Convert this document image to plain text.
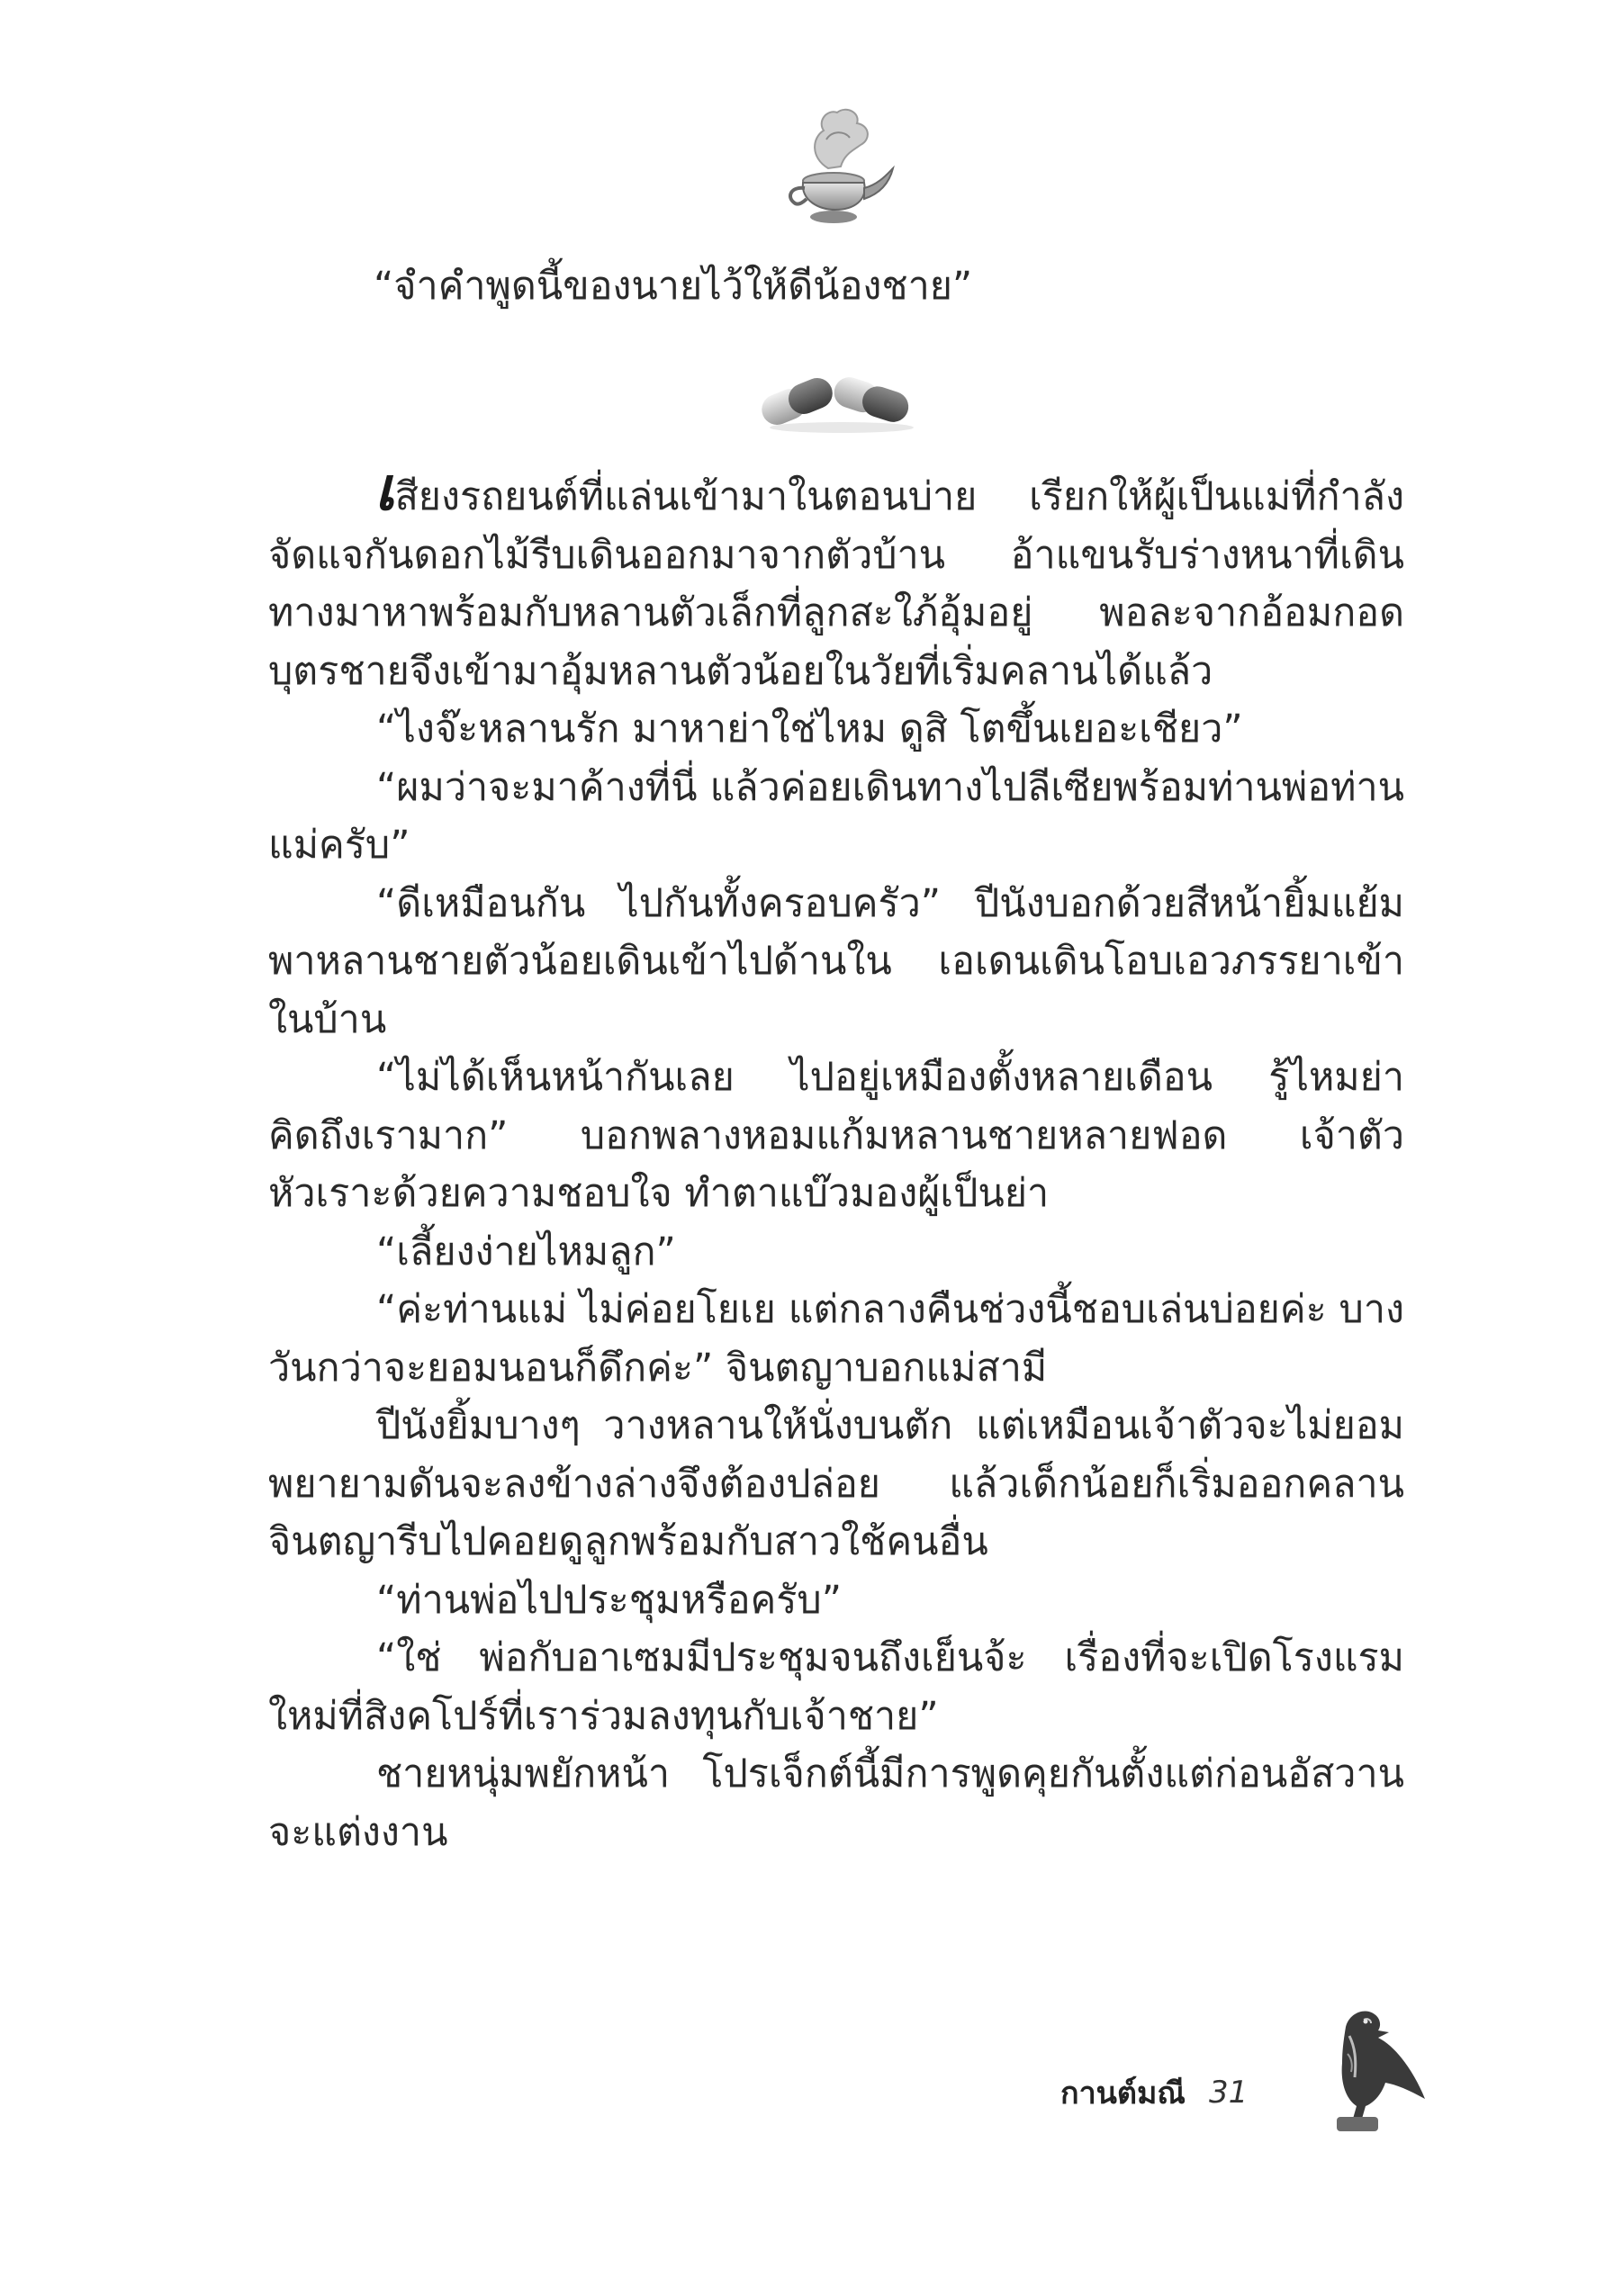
“จำคำพูดนี้ของนายไว้ให้ดีน้องชาย”

เสียงรถยนต์ที่แล่นเข้ามาในตอนบ่าย เรียกให้ผู้เป็นแม่ที่กำลังจัดแจกันดอกไม้รีบเดินออกมาจากตัวบ้าน อ้าแขนรับร่างหนาที่เดินทางมาหาพร้อมกับหลานตัวเล็กที่ลูกสะใภ้อุ้มอยู่ พอละจากอ้อมกอดบุตรชายจึงเข้ามาอุ้มหลานตัวน้อยในวัยที่เริ่มคลานได้แล้ว

“ไงจ๊ะหลานรัก มาหาย่าใช่ไหม ดูสิ โตขึ้นเยอะเชียว”

“ผมว่าจะมาค้างที่นี่ แล้วค่อยเดินทางไปลีเซียพร้อมท่านพ่อท่านแม่ครับ”

“ดีเหมือนกัน ไปกันทั้งครอบครัว” ปีนังบอกด้วยสีหน้ายิ้มแย้ม พาหลานชายตัวน้อยเดินเข้าไปด้านใน เอเดนเดินโอบเอวภรรยาเข้าในบ้าน

“ไม่ได้เห็นหน้ากันเลย ไปอยู่เหมืองตั้งหลายเดือน รู้ไหมย่าคิดถึงเรามาก” บอกพลางหอมแก้มหลานชายหลายฟอด เจ้าตัวหัวเราะด้วยความชอบใจ ทำตาแบ๊วมองผู้เป็นย่า

“เลี้ยงง่ายไหมลูก”

“ค่ะท่านแม่ ไม่ค่อยโยเย แต่กลางคืนช่วงนี้ชอบเล่นบ่อยค่ะ บางวันกว่าจะยอมนอนก็ดึกค่ะ” จินตญาบอกแม่สามี

ปีนังยิ้มบางๆ วางหลานให้นั่งบนตัก แต่เหมือนเจ้าตัวจะไม่ยอมพยายามดันจะลงข้างล่างจึงต้องปล่อย แล้วเด็กน้อยก็เริ่มออกคลานจินตญารีบไปคอยดูลูกพร้อมกับสาวใช้คนอื่น

“ท่านพ่อไปประชุมหรือครับ”

“ใช่ พ่อกับอาเซมมีประชุมจนถึงเย็นจ้ะ เรื่องที่จะเปิดโรงแรมใหม่ที่สิงคโปร์ที่เราร่วมลงทุนกับเจ้าชาย”

ชายหนุ่มพยักหน้า โปรเจ็กต์นี้มีการพูดคุยกันตั้งแต่ก่อนอัสวานจะแต่งงาน

กานต์มณี 31
